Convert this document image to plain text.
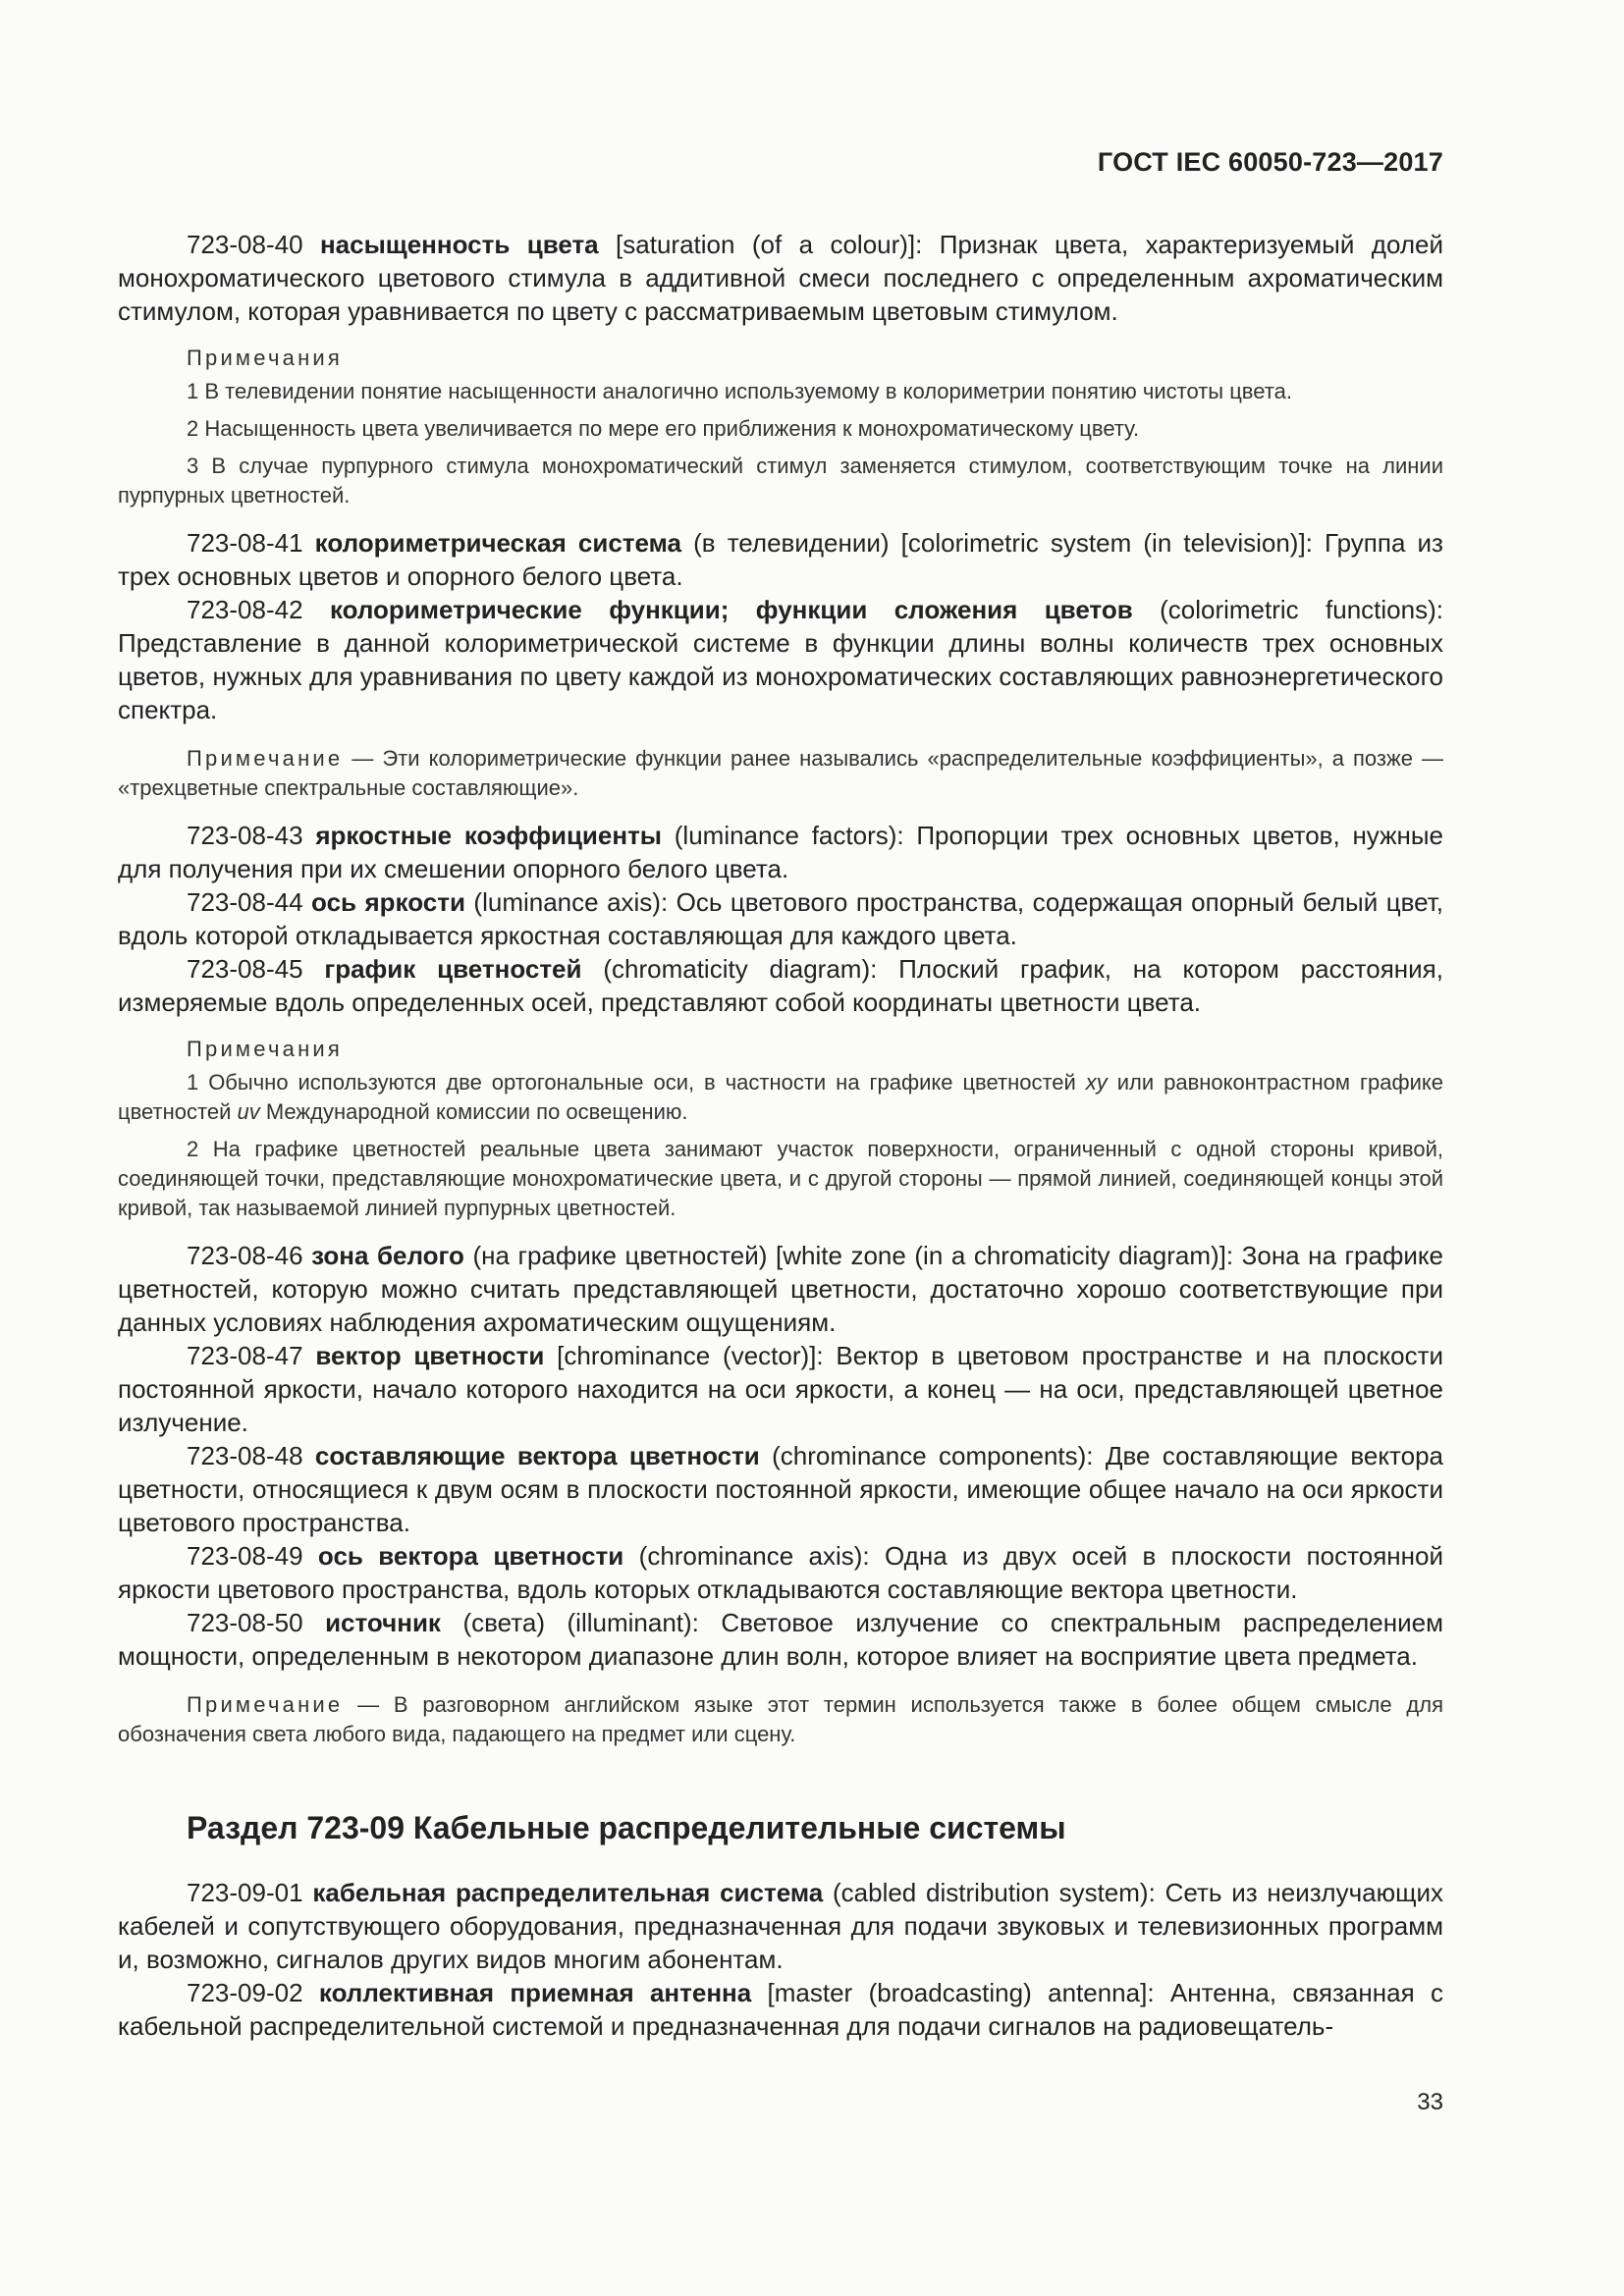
ГОСТ IEC 60050-723—2017

723-08-40 насыщенность цвета [saturation (of a colour)]: Признак цвета, характеризуемый долей монохроматического цветового стимула в аддитивной смеси последнего с определенным ахроматическим стимулом, которая уравнивается по цвету с рассматриваемым цветовым стимулом.

Примечания

1 В телевидении понятие насыщенности аналогично используемому в колориметрии понятию чистоты цвета.

2 Насыщенность цвета увеличивается по мере его приближения к монохроматическому цвету.

3 В случае пурпурного стимула монохроматический стимул заменяется стимулом, соответствующим точке на линии пурпурных цветностей.

723-08-41 колориметрическая система (в телевидении) [colorimetric system (in television)]: Группа из трех основных цветов и опорного белого цвета.

723-08-42 колориметрические функции; функции сложения цветов (colorimetric functions): Представление в данной колориметрической системе в функции длины волны количеств трех основных цветов, нужных для уравнивания по цвету каждой из монохроматических составляющих равноэнергетического спектра.

Примечание — Эти колориметрические функции ранее назывались «распределительные коэффициенты», а позже — «трехцветные спектральные составляющие».

723-08-43 яркостные коэффициенты (luminance factors): Пропорции трех основных цветов, нужные для получения при их смешении опорного белого цвета.

723-08-44 ось яркости (luminance axis): Ось цветового пространства, содержащая опорный белый цвет, вдоль которой откладывается яркостная составляющая для каждого цвета.

723-08-45 график цветностей (chromaticity diagram): Плоский график, на котором расстояния, измеряемые вдоль определенных осей, представляют собой координаты цветности цвета.

Примечания

1 Обычно используются две ортогональные оси, в частности на графике цветностей xy или равноконтрастном графике цветностей uv Международной комиссии по освещению.

2 На графике цветностей реальные цвета занимают участок поверхности, ограниченный с одной стороны кривой, соединяющей точки, представляющие монохроматические цвета, и с другой стороны — прямой линией, соединяющей концы этой кривой, так называемой линией пурпурных цветностей.

723-08-46 зона белого (на графике цветностей) [white zone (in a chromaticity diagram)]: Зона на графике цветностей, которую можно считать представляющей цветности, достаточно хорошо соответствующие при данных условиях наблюдения ахроматическим ощущениям.

723-08-47 вектор цветности [chrominance (vector)]: Вектор в цветовом пространстве и на плоскости постоянной яркости, начало которого находится на оси яркости, а конец — на оси, представляющей цветное излучение.

723-08-48 составляющие вектора цветности (chrominance components): Две составляющие вектора цветности, относящиеся к двум осям в плоскости постоянной яркости, имеющие общее начало на оси яркости цветового пространства.

723-08-49 ось вектора цветности (chrominance axis): Одна из двух осей в плоскости постоянной яркости цветового пространства, вдоль которых откладываются составляющие вектора цветности.

723-08-50 источник (света) (illuminant): Световое излучение со спектральным распределением мощности, определенным в некотором диапазоне длин волн, которое влияет на восприятие цвета предмета.

Примечание — В разговорном английском языке этот термин используется также в более общем смысле для обозначения света любого вида, падающего на предмет или сцену.

Раздел 723-09 Кабельные распределительные системы

723-09-01 кабельная распределительная система (cabled distribution system): Сеть из неизлучающих кабелей и сопутствующего оборудования, предназначенная для подачи звуковых и телевизионных программ и, возможно, сигналов других видов многим абонентам.

723-09-02 коллективная приемная антенна [master (broadcasting) antenna]: Антенна, связанная с кабельной распределительной системой и предназначенная для подачи сигналов на радиовещатель-

33
